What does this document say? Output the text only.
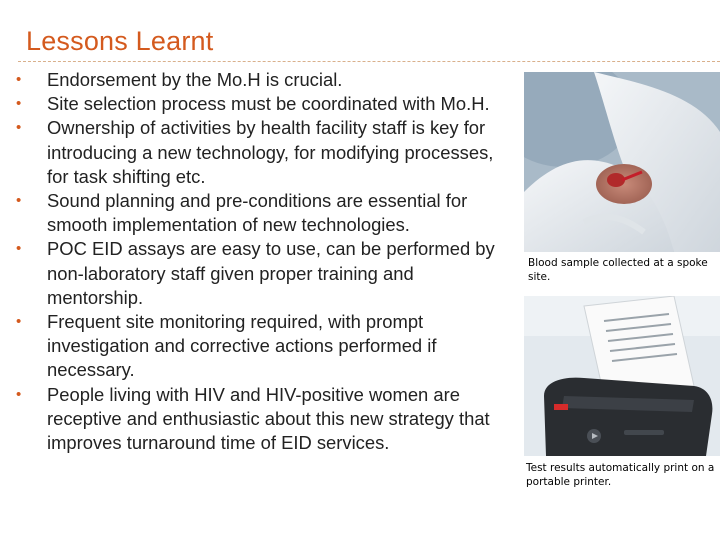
Lessons Learnt
•	Endorsement by the Mo.H is crucial.
•	Site selection process must be coordinated with Mo.H.
•	Ownership of activities by health facility staff is key for introducing a new technology, for modifying processes, for task shifting etc.
•	Sound planning and pre-conditions are essential for smooth implementation of new technologies.
•	POC EID assays are easy to use, can be performed by non-laboratory staff given proper training and mentorship.
•	Frequent site monitoring required, with prompt investigation and corrective actions performed if necessary.
•	People living with HIV and HIV-positive women are receptive and enthusiastic about this new strategy that improves turnaround time of EID services.
Blood sample collected at a spoke site.
Test results automatically print on a portable printer.
